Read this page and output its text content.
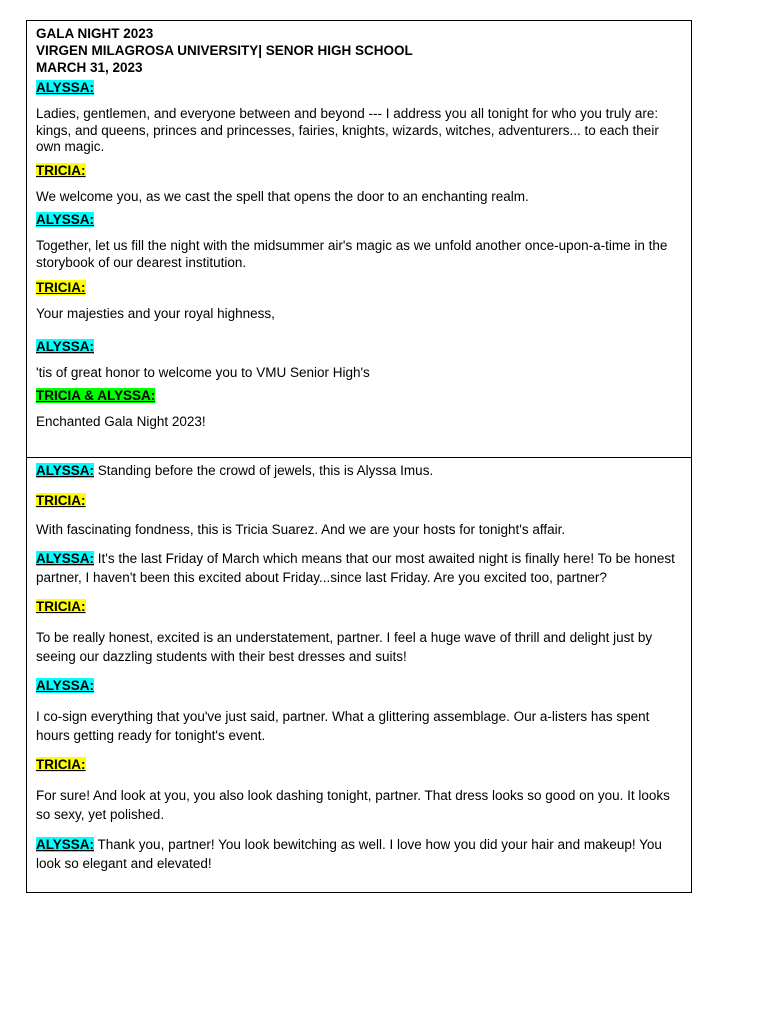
GALA NIGHT 2023
VIRGEN MILAGROSA UNIVERSITY| SENOR HIGH SCHOOL
MARCH 31, 2023
ALYSSA:

Ladies, gentlemen, and everyone between and beyond --- I address you all tonight for who you truly are: kings, and queens, princes and princesses, fairies, knights, wizards, witches, adventurers... to each their own magic.

TRICIA:

We welcome you, as we cast the spell that opens the door to an enchanting realm.

ALYSSA:

Together, let us fill the night with the midsummer air's magic as we unfold another once-upon-a-time in the storybook of our dearest institution.

TRICIA:

Your majesties and your royal highness,

ALYSSA:

'tis of great honor to welcome you to VMU Senior High's

TRICIA & ALYSSA:

Enchanted Gala Night 2023!

ALYSSA: Standing before the crowd of jewels, this is Alyssa Imus.

TRICIA:

With fascinating fondness, this is Tricia Suarez. And we are your hosts for tonight's affair.

ALYSSA: It's the last Friday of March which means that our most awaited night is finally here! To be honest partner, I haven't been this excited about Friday...since last Friday. Are you excited too, partner?

TRICIA:

To be really honest, excited is an understatement, partner. I feel a huge wave of thrill and delight just by seeing our dazzling students with their best dresses and suits!

ALYSSA:

I co-sign everything that you've just said, partner. What a glittering assemblage. Our a-listers has spent hours getting ready for tonight's event.

TRICIA:

For sure! And look at you, you also look dashing tonight, partner. That dress looks so good on you. It looks so sexy, yet polished.

ALYSSA: Thank you, partner! You look bewitching as well. I love how you did your hair and makeup! You look so elegant and elevated!
